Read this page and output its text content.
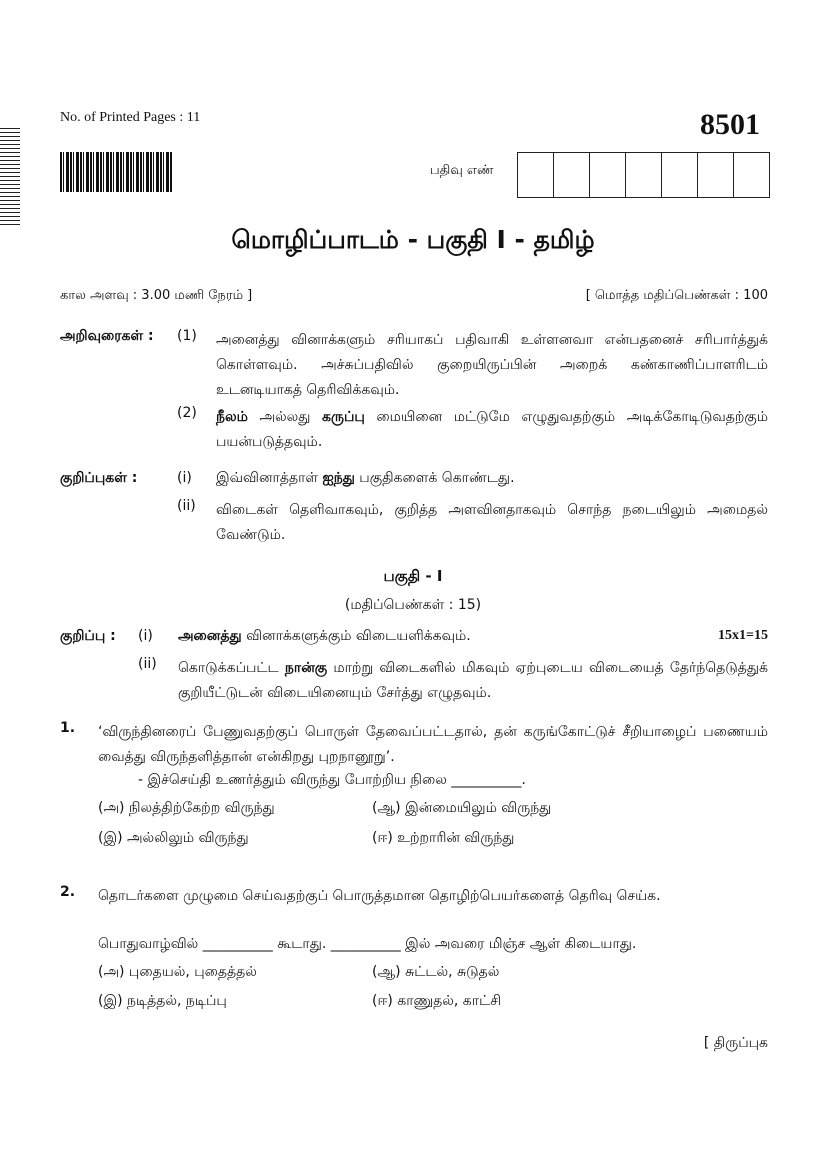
No. of Printed Pages : 11	8501
பதிவு எண்
மொழிப்பாடம் - பகுதி I - தமிழ்
கால அளவு : 3.00 மணி நேரம் ]	[ மொத்த மதிப்பெண்கள் : 100
அறிவுரைகள் : (1) அனைத்து வினாக்களும் சரியாகப் பதிவாகி உள்ளனவா என்பதனைச் சரிபார்த்துக் கொள்ளவும். அச்சுப்பதிவில் குறையிருப்பின் அறைக் கண்காணிப்பாளரிடம் உடனடியாகத் தெரிவிக்கவும்.
(2) நீலம் அல்லது கருப்பு மையினை மட்டுமே எழுதுவதற்கும் அடிக்கோடிடுவதற்கும் பயன்படுத்தவும்.
குறிப்புகள் :	(i) இவ்வினாத்தாள் ஐந்து பகுதிகளைக் கொண்டது.
(ii) விடைகள் தெளிவாகவும், குறித்த அளவினதாகவும் சொந்த நடையிலும் அமைதல் வேண்டும்.
பகுதி - I
(மதிப்பெண்கள் : 15)
குறிப்பு : (i) அனைத்து வினாக்களுக்கும் விடையளிக்கவும்.	15x1=15
(ii) கொடுக்கப்பட்ட நான்கு மாற்று விடைகளில் மிகவும் ஏற்புடைய விடையைத் தேர்ந்தெடுத்துக் குறியீட்டுடன் விடையினையும் சேர்த்து எழுதவும்.
1. ‘விருந்தினரைப் பேணுவதற்குப் பொருள் தேவைப்பட்டதால், தன் கருங்கோட்டுச் சீறியாழைப் பணையம் வைத்து விருந்தளித்தான் என்கிறது புறநானூறு’.
- இச்செய்தி உணர்த்தும் விருந்து போற்றிய நிலை __________.
(அ) நிலத்திற்கேற்ற விருந்து	(ஆ) இன்மையிலும் விருந்து
(இ) அல்லிலும் விருந்து	(ஈ) உற்றாரின் விருந்து
2. தொடர்களை முழுமை செய்வதற்குப் பொருத்தமான தொழிற்பெயர்களைத் தெரிவு செய்க.
பொதுவாழ்வில் __________ கூடாது. __________ இல் அவரை மிஞ்ச ஆள் கிடையாது.
(அ) புதையல், புதைத்தல்	(ஆ) சுட்டல், சுடுதல்
(இ) நடித்தல், நடிப்பு	(ஈ) காணுதல், காட்சி
[ திருப்புக
